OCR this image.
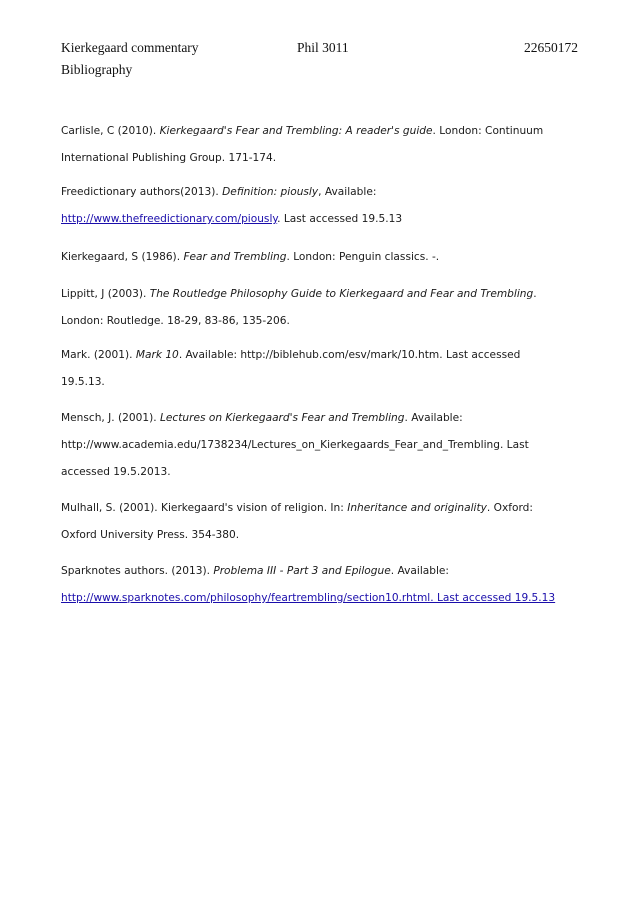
Kierkegaard commentary	Phil 3011	22650172
Bibliography
Carlisle, C (2010). Kierkegaard's Fear and Trembling: A reader's guide. London: Continuum
International Publishing Group. 171-174.
Freedictionary authors(2013). Definition: piously, Available:
http://www.thefreedictionary.com/piously. Last accessed 19.5.13
Kierkegaard, S (1986). Fear and Trembling. London: Penguin classics. -.
Lippitt, J (2003). The Routledge Philosophy Guide to Kierkegaard and Fear and Trembling.
London: Routledge. 18-29, 83-86, 135-206.
Mark. (2001). Mark 10. Available: http://biblehub.com/esv/mark/10.htm. Last accessed
19.5.13.
Mensch, J. (2001). Lectures on Kierkegaard's Fear and Trembling. Available:
http://www.academia.edu/1738234/Lectures_on_Kierkegaards_Fear_and_Trembling. Last
accessed 19.5.2013.
Mulhall, S. (2001). Kierkegaard's vision of religion. In: Inheritance and originality. Oxford:
Oxford University Press. 354-380.
Sparknotes authors. (2013). Problema III - Part 3 and Epilogue. Available:
http://www.sparknotes.com/philosophy/feartrembling/section10.rhtml. Last accessed 19.5.13
